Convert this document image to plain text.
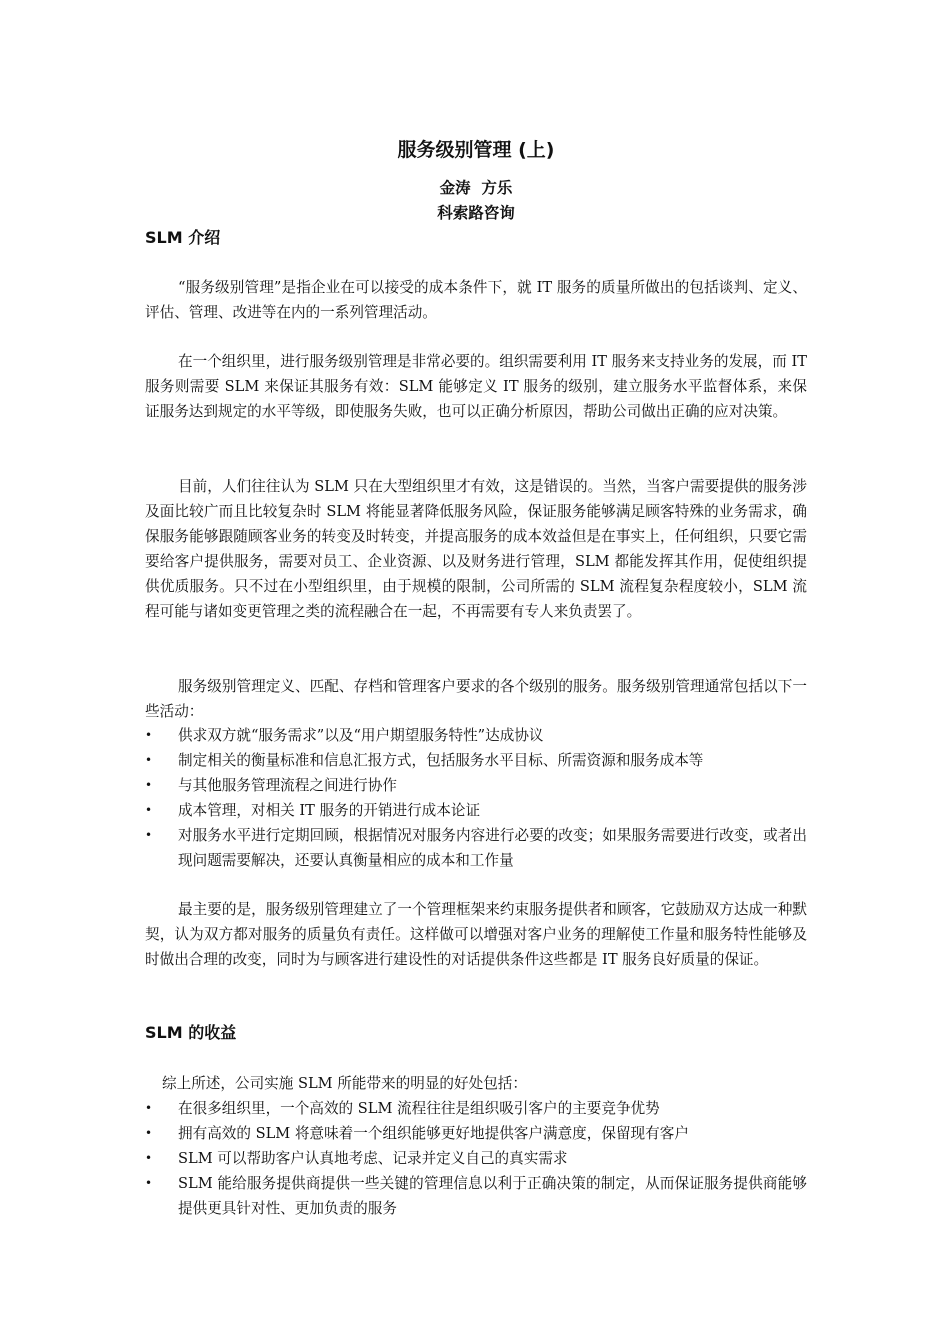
服务级别管理 (上)
金涛  方乐
科索路咨询
SLM 介绍

“服务级别管理”是指企业在可以接受的成本条件下，就 IT 服务的质量所做出的包括谈判、定义、评估、管理、改进等在内的一系列管理活动。

在一个组织里，进行服务级别管理是非常必要的。组织需要利用 IT 服务来支持业务的发展，而 IT 服务则需要 SLM 来保证其服务有效：SLM 能够定义 IT 服务的级别，建立服务水平监督体系，来保证服务达到规定的水平等级，即使服务失败，也可以正确分析原因，帮助公司做出正确的应对决策。

目前，人们往往认为 SLM 只在大型组织里才有效，这是错误的。当然，当客户需要提供的服务涉及面比较广而且比较复杂时 SLM 将能显著降低服务风险，保证服务能够满足顾客特殊的业务需求，确保服务能够跟随顾客业务的转变及时转变，并提高服务的成本效益但是在事实上，任何组织，只要它需要给客户提供服务，需要对员工、企业资源、以及财务进行管理，SLM 都能发挥其作用，促使组织提供优质服务。只不过在小型组织里，由于规模的限制，公司所需的 SLM 流程复杂程度较小，SLM 流程可能与诸如变更管理之类的流程融合在一起，不再需要有专人来负责罢了。

服务级别管理定义、匹配、存档和管理客户要求的各个级别的服务。服务级别管理通常包括以下一些活动：

•	供求双方就“服务需求”以及“用户期望服务特性”达成协议
•	制定相关的衡量标准和信息汇报方式，包括服务水平目标、所需资源和服务成本等
•	与其他服务管理流程之间进行协作
•	成本管理，对相关 IT 服务的开销进行成本论证
•	对服务水平进行定期回顾，根据情况对服务内容进行必要的改变；如果服务需要进行改变，或者出现问题需要解决，还要认真衡量相应的成本和工作量

最主要的是，服务级别管理建立了一个管理框架来约束服务提供者和顾客，它鼓励双方达成一种默契，认为双方都对服务的质量负有责任。这样做可以增强对客户业务的理解使工作量和服务特性能够及时做出合理的改变，同时为与顾客进行建设性的对话提供条件这些都是 IT 服务良好质量的保证。

SLM 的收益

综上所述，公司实施 SLM 所能带来的明显的好处包括：

•	在很多组织里，一个高效的 SLM 流程往往是组织吸引客户的主要竞争优势
•	拥有高效的 SLM 将意味着一个组织能够更好地提供客户满意度，保留现有客户
•	SLM 可以帮助客户认真地考虑、记录并定义自己的真实需求
•	SLM 能给服务提供商提供一些关键的管理信息以利于正确决策的制定，从而保证服务提供商能够提供更具针对性、更加负责的服务
